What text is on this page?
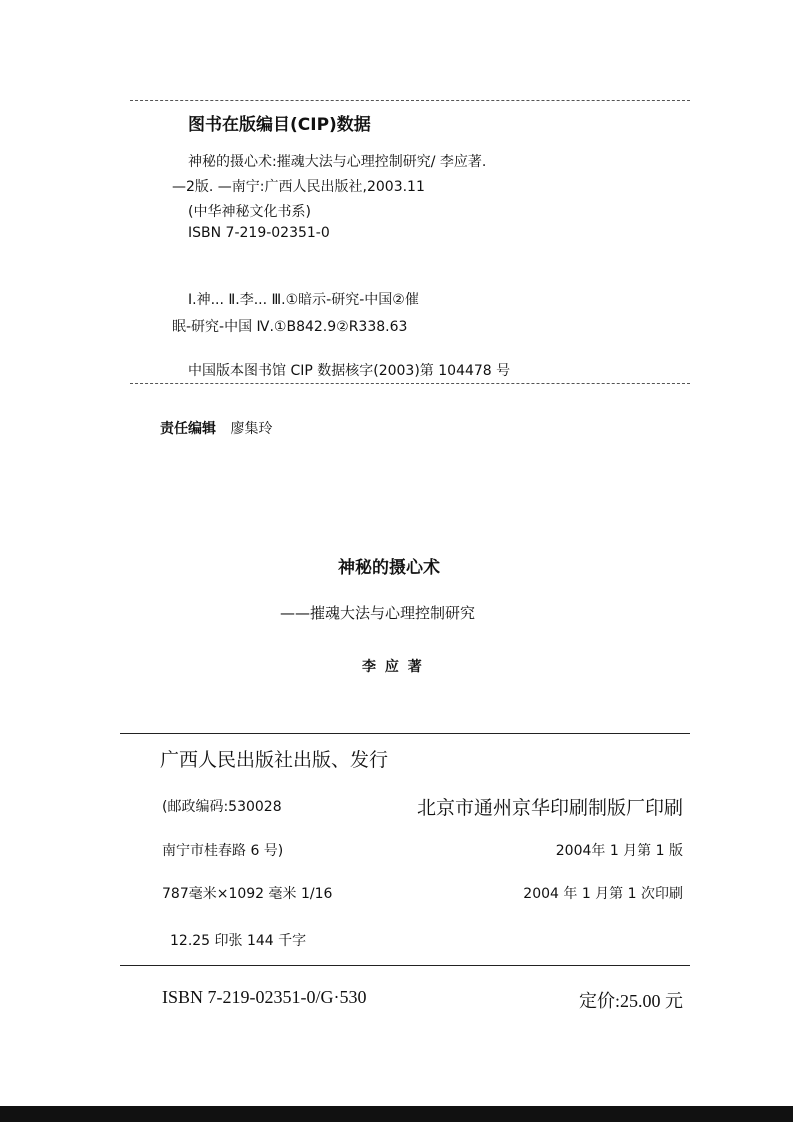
图书在版编目(CIP)数据
神秘的摄心术:摧魂大法与心理控制研究/ 李应著.
—2版. —南宁:广西人民出版社,2003.11
(中华神秘文化书系)
ISBN 7-219-02351-0
Ⅰ.神... Ⅱ.李... Ⅲ.①暗示-研究-中国②催
眠-研究-中国 Ⅳ.①B842.9②R338.63
中国版本图书馆 CIP 数据核字(2003)第 104478 号
责任编辑 廖集玲
神秘的摄心术
——摧魂大法与心理控制研究
李 应 著
广西人民出版社出版、发行
(邮政编码:530028	北京市通州京华印刷制版厂印刷
南宁市桂春路 6 号)	2004年 1 月第 1 版
787毫米×1092 毫米 1/16	2004 年 1 月第 1 次印刷
12.25 印张 144 千字
ISBN 7-219-02351-0/G·530	定价:25.00 元
